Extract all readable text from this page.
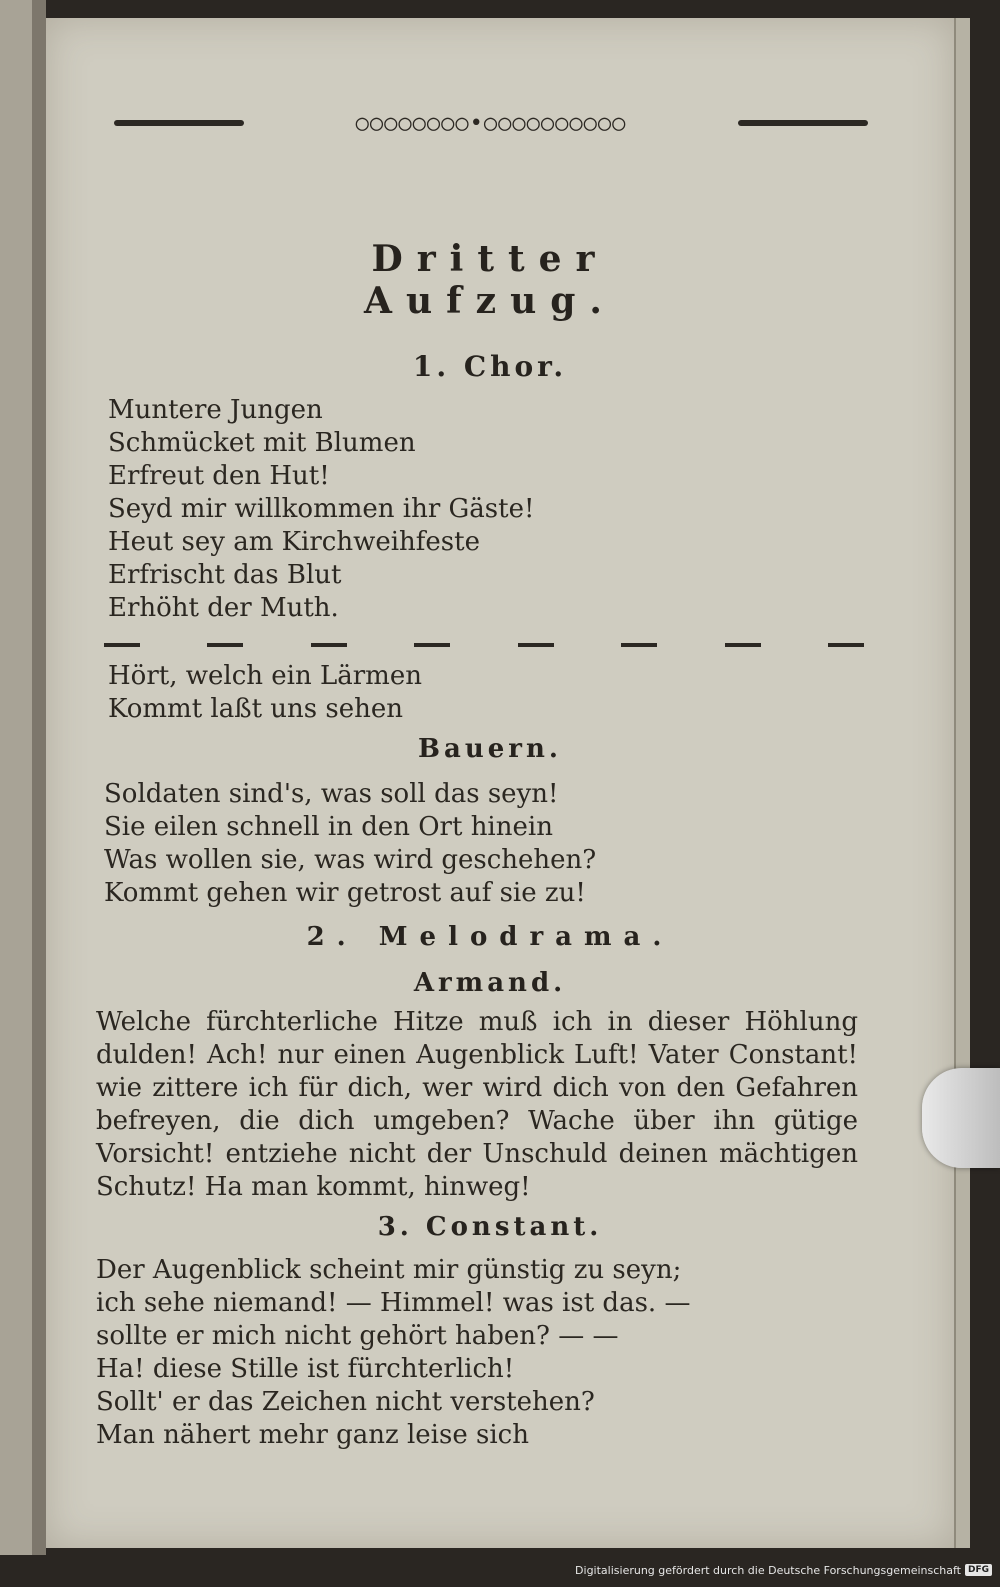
○○○○○○○○•○○○○○○○○○○
Dritter Aufzug.
1. Chor.
Muntere Jungen
Schmücket mit Blumen
Erfreut den Hut!
Seyd mir willkommen ihr Gäste!
Heut sey am Kirchweihfeste
Erfrischt das Blut
Erhöht der Muth.
Hört, welch ein Lärmen
Kommt laßt uns sehen
Bauern.
Soldaten sind's, was soll das seyn!
Sie eilen schnell in den Ort hinein
Was wollen sie, was wird geschehen?
Kommt gehen wir getrost auf sie zu!
2. Melodrama.
Armand.
Welche fürchterliche Hitze muß ich in dieser Höhlung dulden! Ach! nur einen Augenblick Luft! Vater Constant! wie zittere ich für dich, wer wird dich von den Gefahren befreyen, die dich umgeben? Wache über ihn gütige Vorsicht! entziehe nicht der Unschuld deinen mächtigen Schutz! Ha man kommt, hinweg!
3. Constant.
Der Augenblick scheint mir günstig zu seyn;
ich sehe niemand! — Himmel! was ist das. —
sollte er mich nicht gehört haben? — —
Ha! diese Stille ist fürchterlich!
Sollt' er das Zeichen nicht verstehen?
Man nähert mehr ganz leise sich
Digitalisierung gefördert durch die Deutsche Forschungsgemeinschaft DFG
